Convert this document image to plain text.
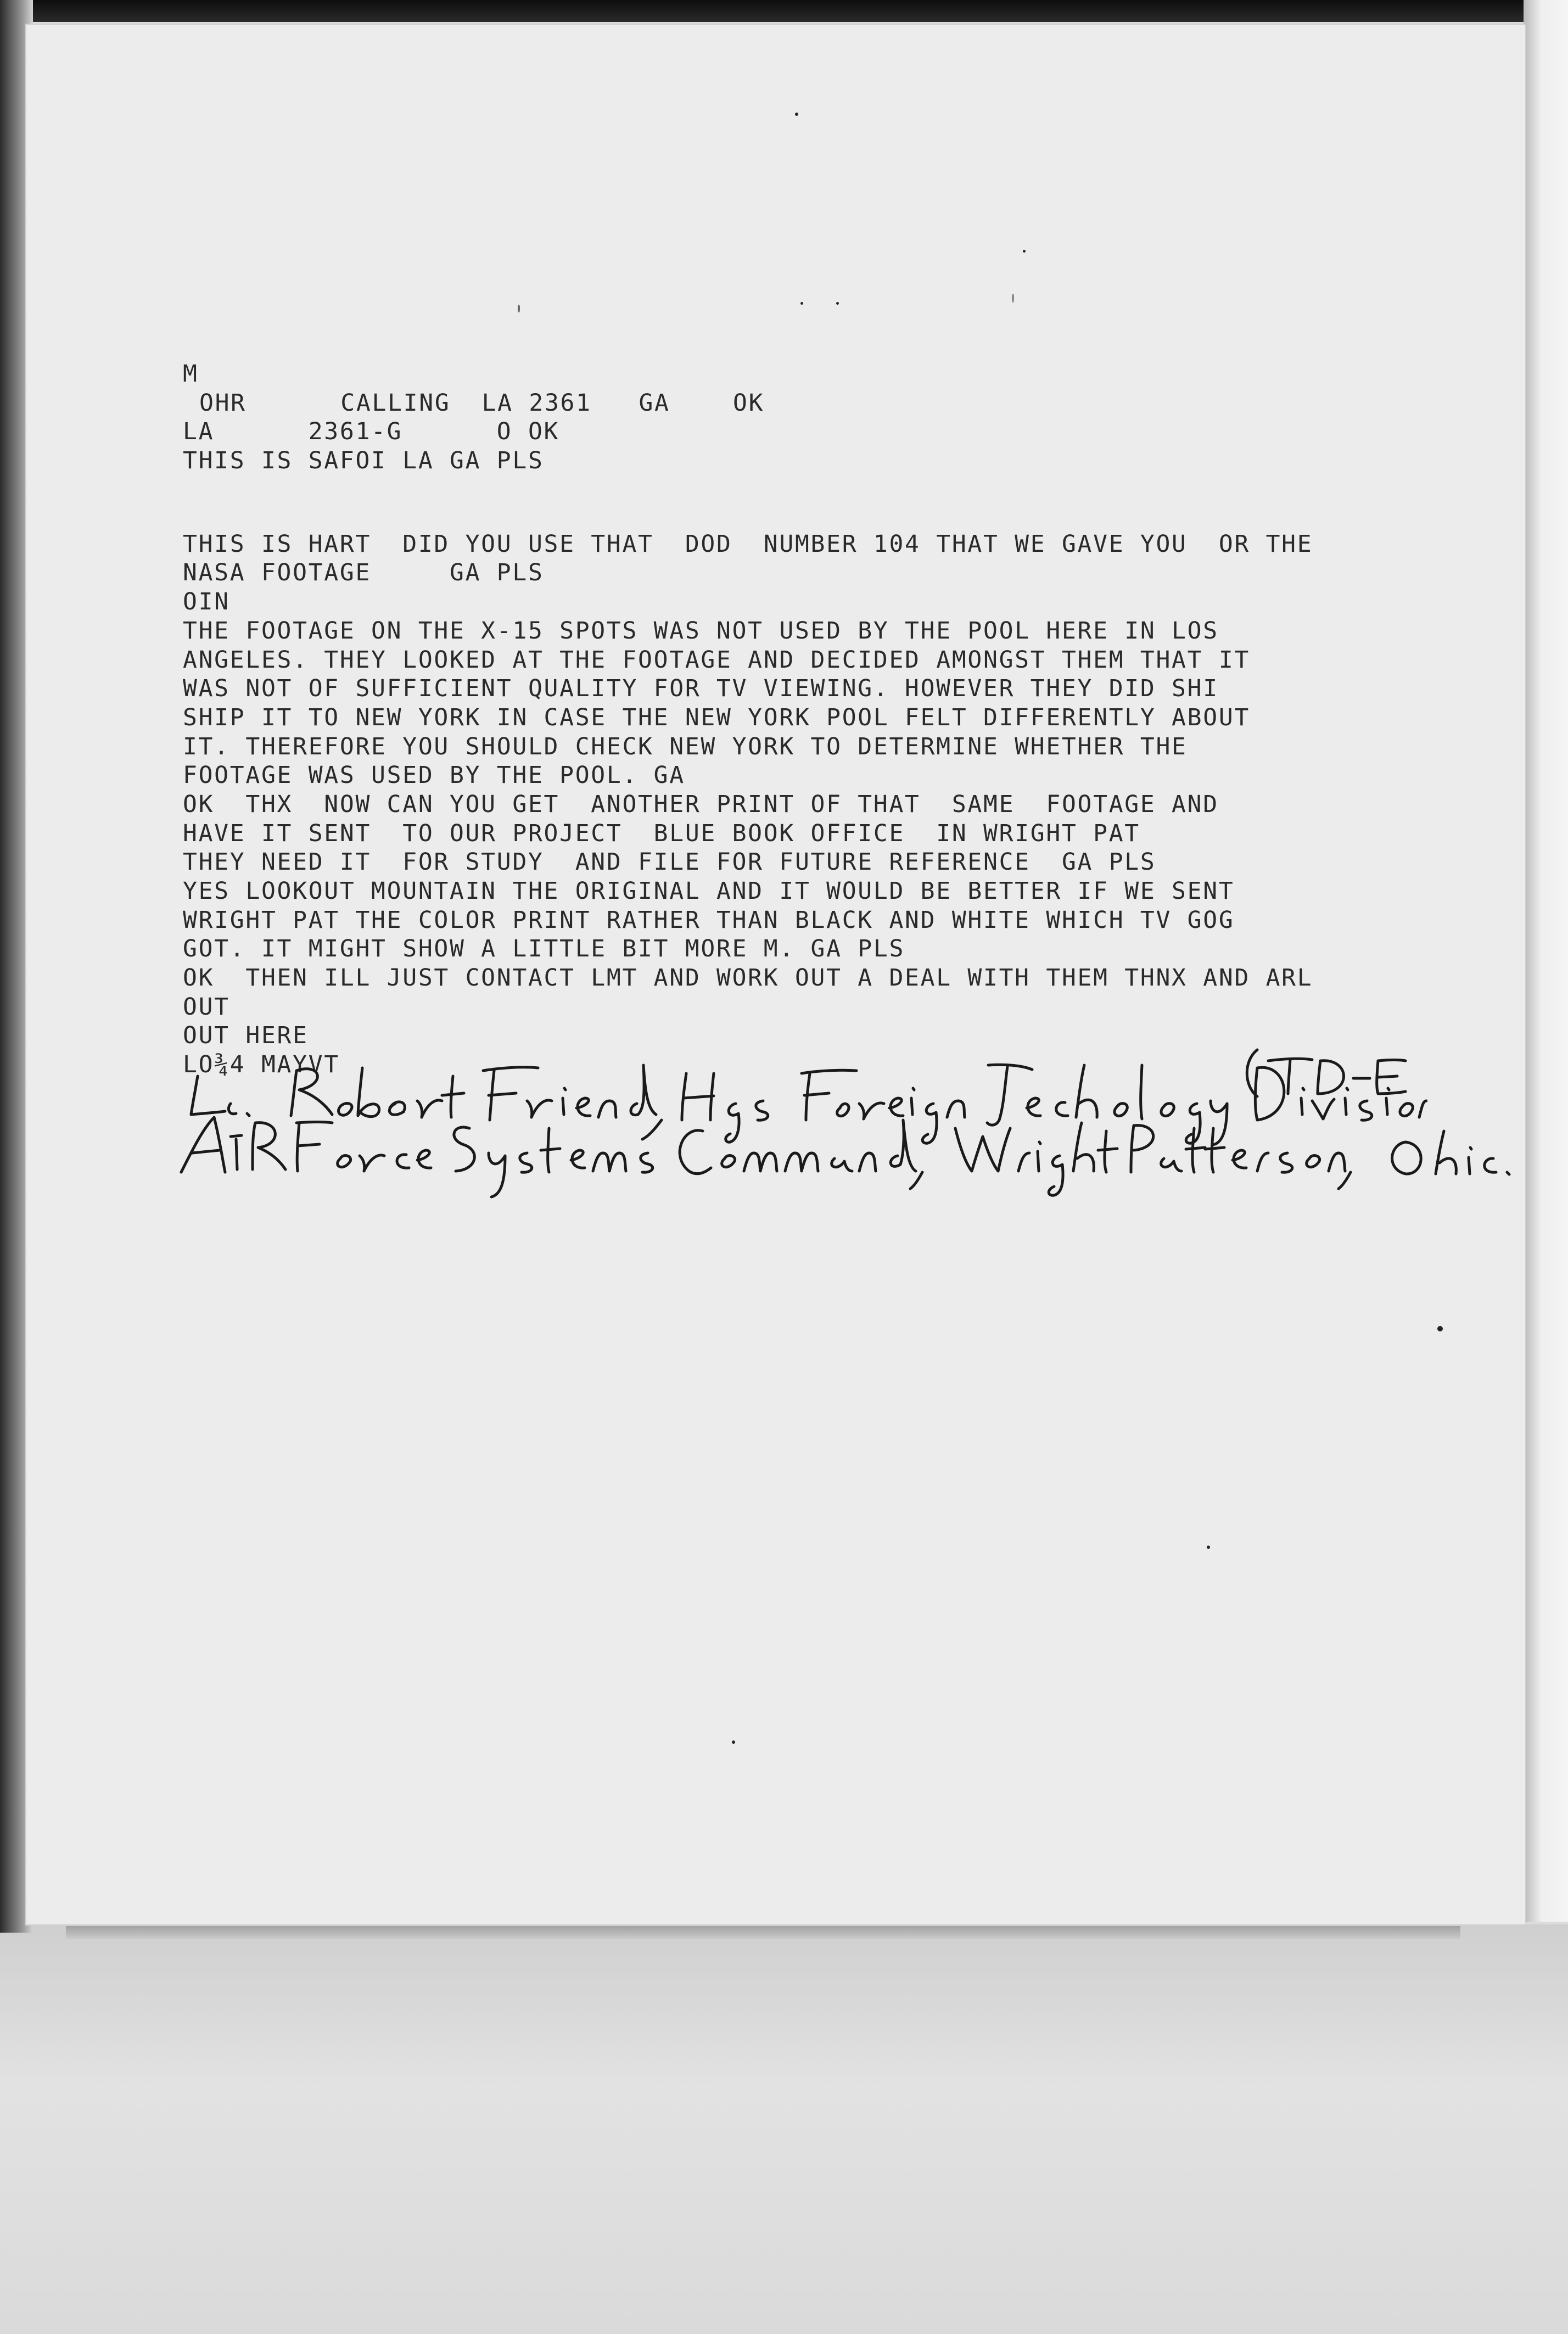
M
OHR      CALLING  LA 2361   GA    OK
LA      2361-G      O OK
THIS IS SAFOI LA GA PLS
THIS IS HART  DID YOU USE THAT  DOD  NUMBER 104 THAT WE GAVE YOU  OR THE
NASA FOOTAGE     GA PLS
OIN
THE FOOTAGE ON THE X-15 SPOTS WAS NOT USED BY THE POOL HERE IN LOS
ANGELES. THEY LOOKED AT THE FOOTAGE AND DECIDED AMONGST THEM THAT IT
WAS NOT OF SUFFICIENT QUALITY FOR TV VIEWING. HOWEVER THEY DID SHI
SHIP IT TO NEW YORK IN CASE THE NEW YORK POOL FELT DIFFERENTLY ABOUT
IT. THEREFORE YOU SHOULD CHECK NEW YORK TO DETERMINE WHETHER THE
FOOTAGE WAS USED BY THE POOL. GA
OK  THX  NOW CAN YOU GET  ANOTHER PRINT OF THAT  SAME  FOOTAGE AND
HAVE IT SENT  TO OUR PROJECT  BLUE BOOK OFFICE  IN WRIGHT PAT
THEY NEED IT  FOR STUDY  AND FILE FOR FUTURE REFERENCE  GA PLS
YES LOOKOUT MOUNTAIN THE ORIGINAL AND IT WOULD BE BETTER IF WE SENT
WRIGHT PAT THE COLOR PRINT RATHER THAN BLACK AND WHITE WHICH TV GOG
GOT. IT MIGHT SHOW A LITTLE BIT MORE M. GA PLS
OK  THEN ILL JUST CONTACT LMT AND WORK OUT A DEAL WITH THEM THNX AND ARL
OUT
OUT HERE
LO¾4 MAYVT
